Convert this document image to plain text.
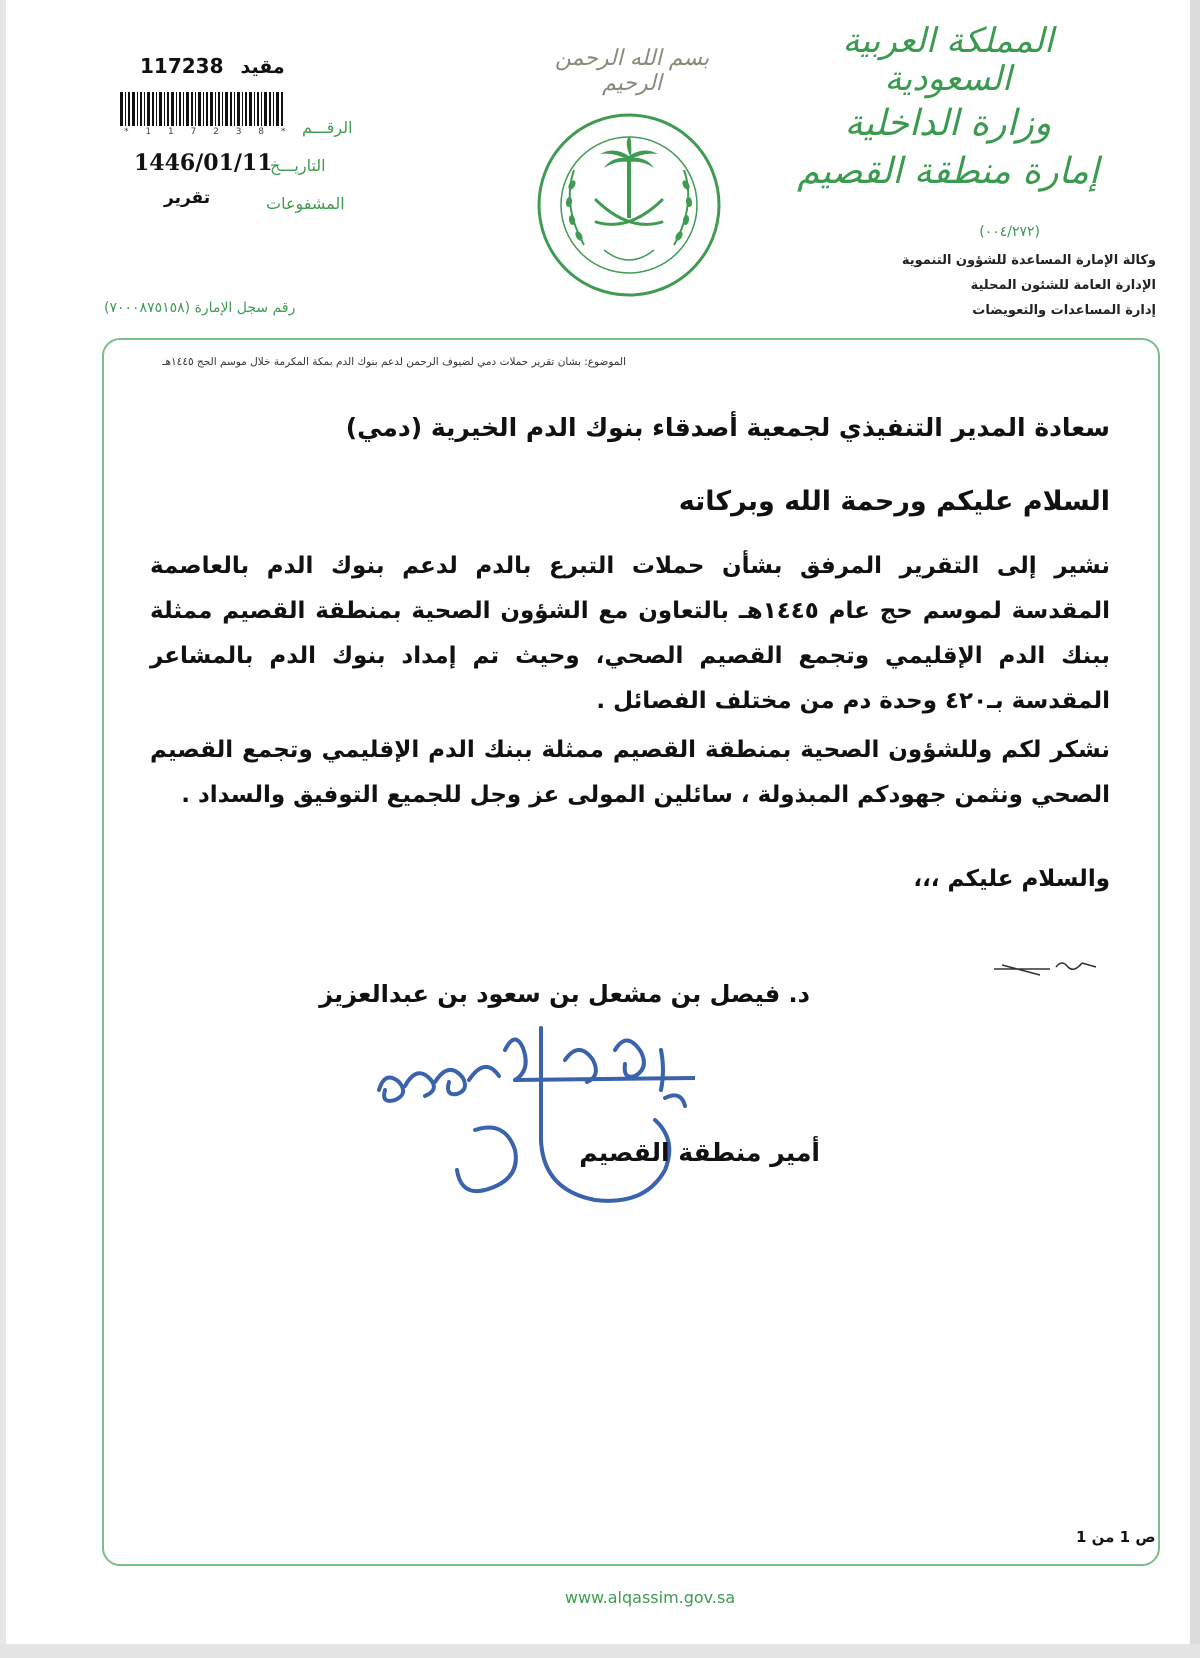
المملكة العربية السعودية
وزارة الداخلية
إمارة منطقة القصيم
(٠٠٤/٢٧٢)
وكالة الإمارة المساعدة للشؤون التنموية
الإدارة العامة للشئون المحلية
إدارة المساعدات والتعويضات
بسم الله الرحمن الرحيم
117238 مقيد
* 1 1 7 2 3 8 * الرقـــم
التاريـــخ
1446/01/11
المشفوعات
تقرير
رقم سجل الإمارة (٧٠٠٠٨٧٥١٥٨)
الموضوع: بشان تقرير حملات دمي لضيوف الرحمن لدعم بنوك الدم بمكة المكرمة خلال موسم الحج ١٤٤٥هـ
سعادة المدير التنفيذي لجمعية أصدقاء بنوك الدم الخيرية (دمي)
السلام عليكم ورحمة الله وبركاته
نشير إلى التقرير المرفق بشأن حملات التبرع بالدم لدعم بنوك الدم بالعاصمة المقدسة لموسم حج عام ١٤٤٥هـ بالتعاون مع الشؤون الصحية بمنطقة القصيم ممثلة ببنك الدم الإقليمي وتجمع القصيم الصحي، وحيث تم إمداد بنوك الدم بالمشاعر المقدسة بـ٤٢٠ وحدة دم من مختلف الفصائل .
نشكر لكم وللشؤون الصحية بمنطقة القصيم ممثلة ببنك الدم الإقليمي وتجمع القصيم الصحي ونثمن جهودكم المبذولة ، سائلين المولى عز وجل للجميع التوفيق والسداد .
والسلام عليكم ،،،
د. فيصل بن مشعل بن سعود بن عبدالعزيز
أمير منطقة القصيم
ص 1 من 1
www.alqassim.gov.sa
